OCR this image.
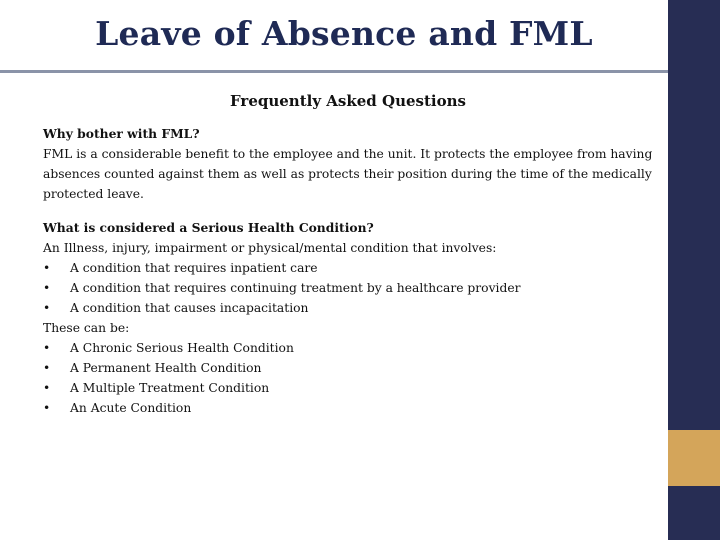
Leave of Absence and FML
Frequently Asked Questions

Why bother with FML?

FML is a considerable benefit to the employee and the unit. It protects the employee from having absences counted against them as well as protects their position during the time of the medically protected leave.

What is considered a Serious Health Condition?

An Illness, injury, impairment or physical/mental condition that involves:

•	A condition that requires inpatient care
•	A condition that requires continuing treatment by a healthcare provider
•	A condition that causes incapacitation

These can be:

•	A Chronic Serious Health Condition
•	A Permanent Health Condition
•	A Multiple Treatment Condition
•	An Acute Condition
